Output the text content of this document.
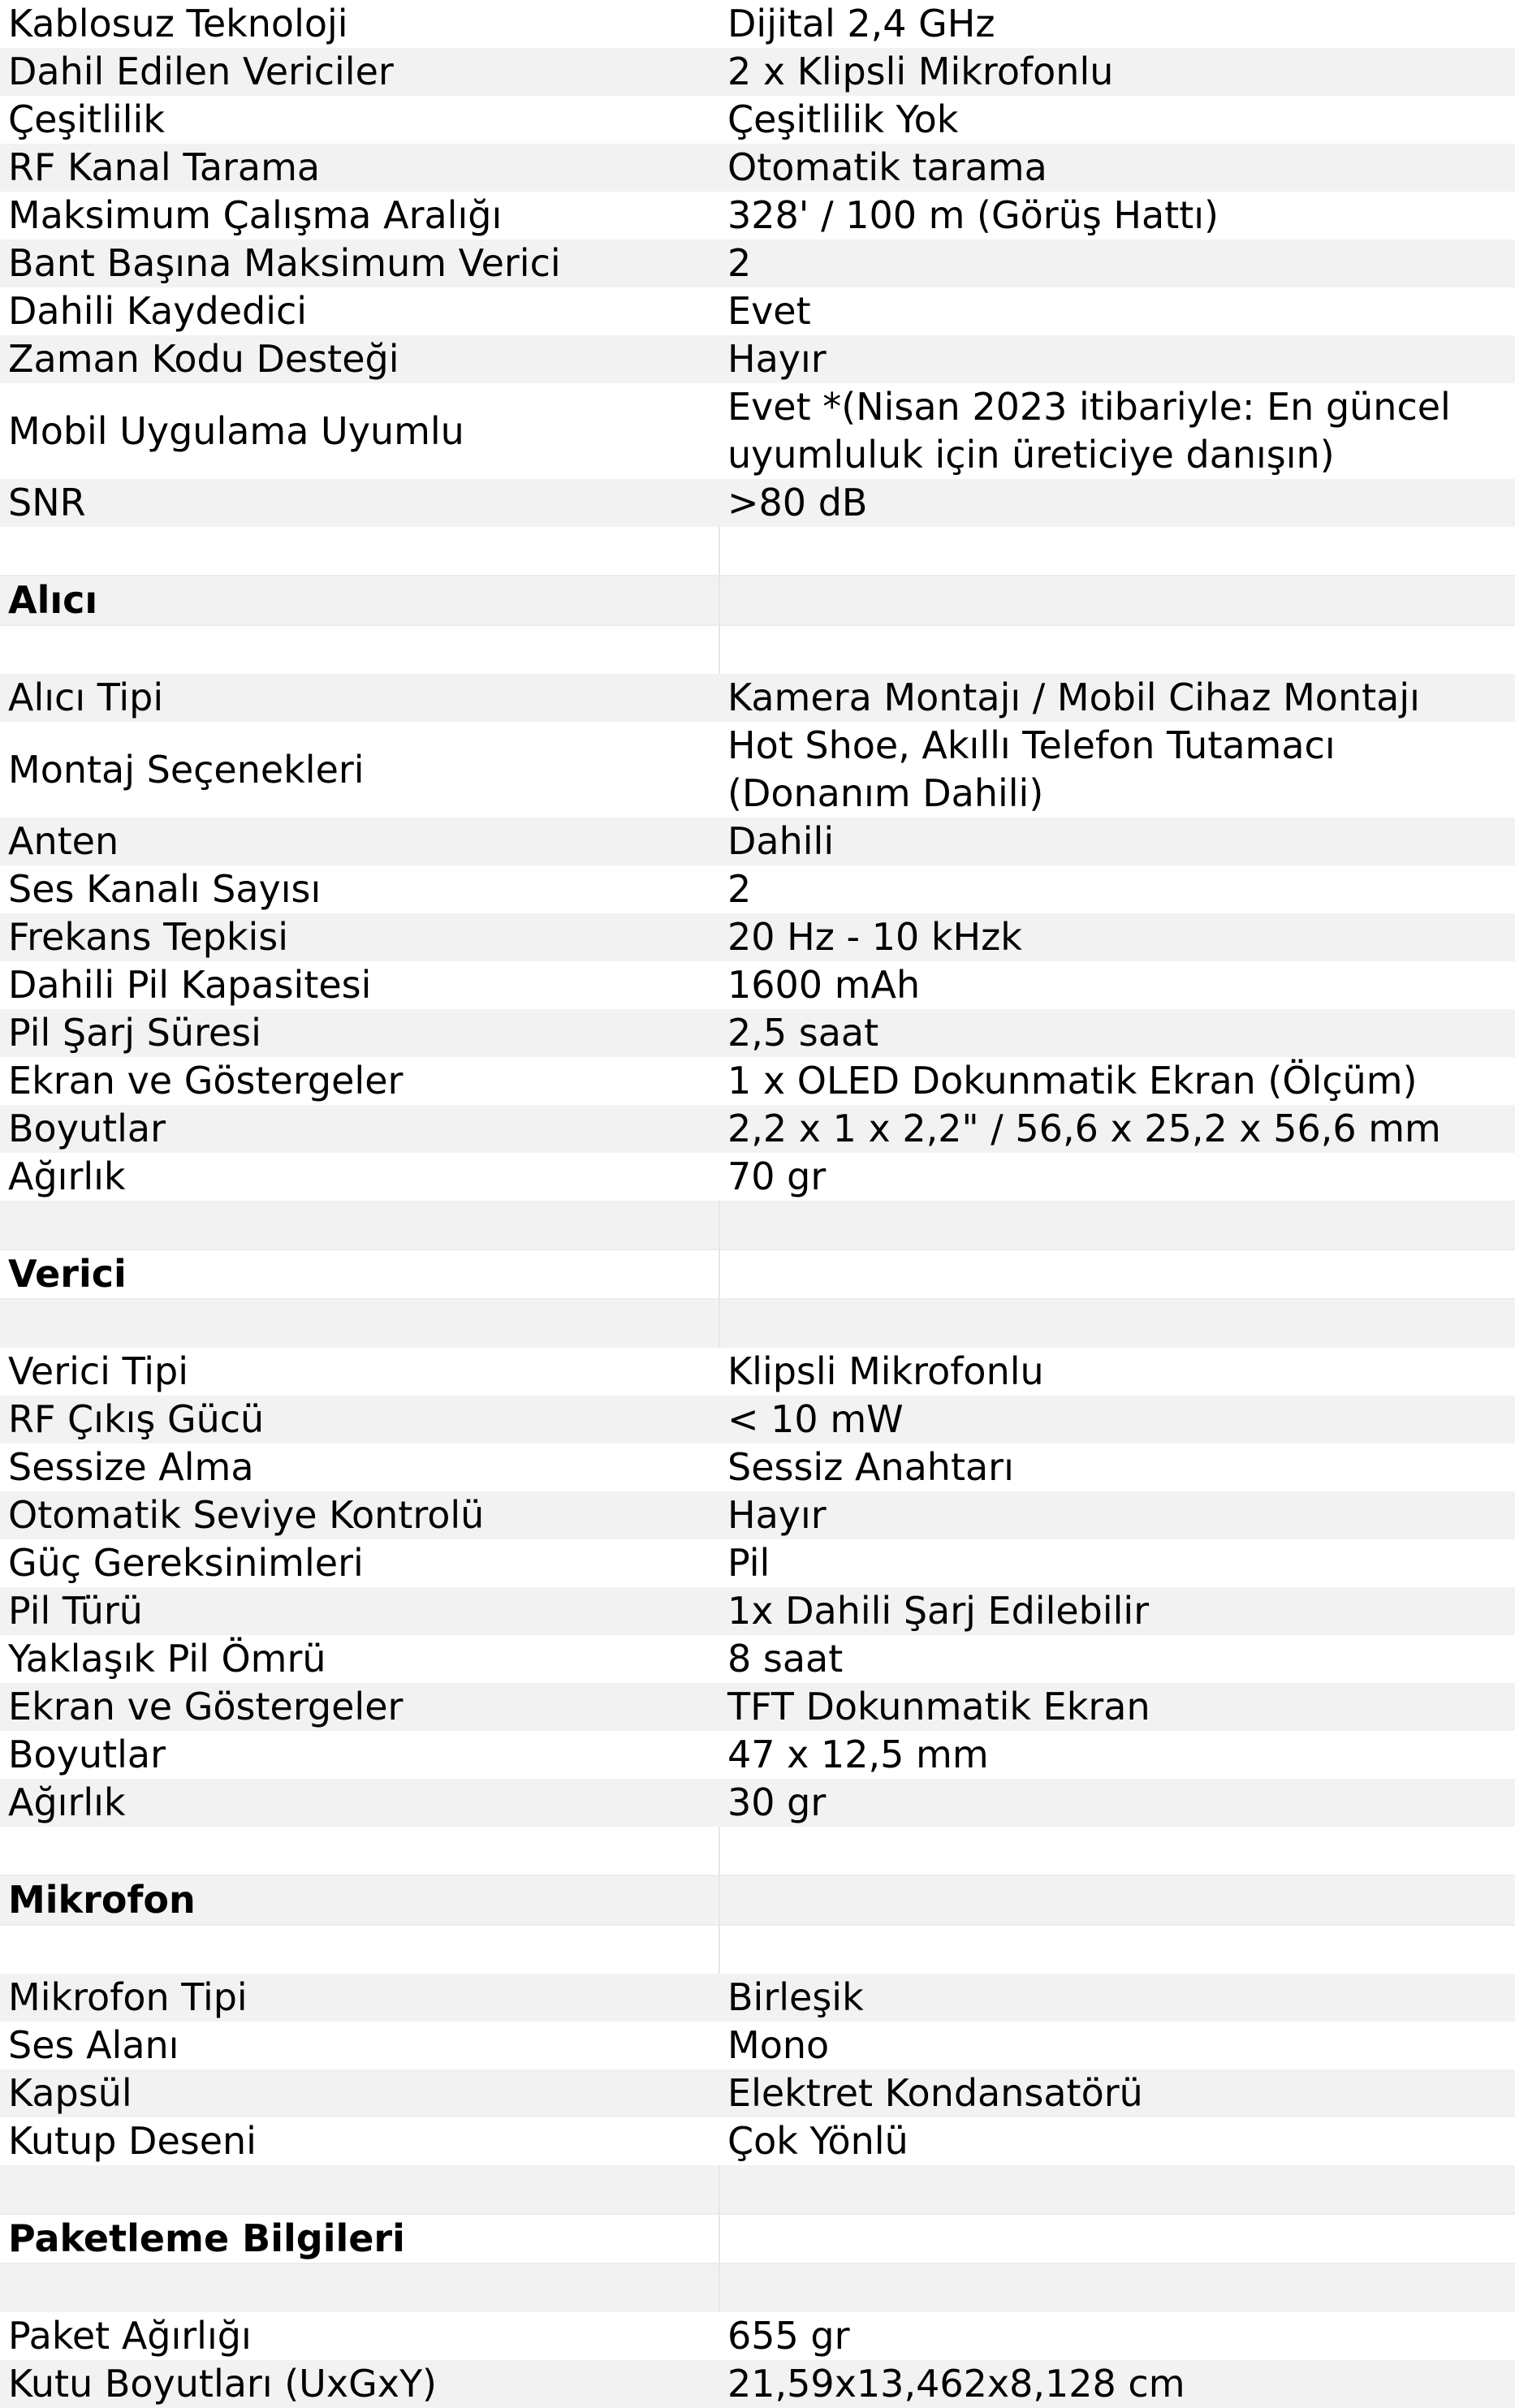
Kablosuz Teknoloji	Dijital 2,4 GHz
Dahil Edilen Vericiler	2 x Klipsli Mikrofonlu
Çeşitlilik	Çeşitlilik Yok
RF Kanal Tarama	Otomatik tarama
Maksimum Çalışma Aralığı	328' / 100 m (Görüş Hattı)
Bant Başına Maksimum Verici	2
Dahili Kaydedici	Evet
Zaman Kodu Desteği	Hayır
Mobil Uygulama Uyumlu	Evet *(Nisan 2023 itibariyle: En güncel uyumluluk için üreticiye danışın)
SNR	>80 dB

Alıcı	

Alıcı Tipi	Kamera Montajı / Mobil Cihaz Montajı
Montaj Seçenekleri	Hot Shoe, Akıllı Telefon Tutamacı (Donanım Dahili)
Anten	Dahili
Ses Kanalı Sayısı	2
Frekans Tepkisi	20 Hz - 10 kHzk
Dahili Pil Kapasitesi	1600 mAh
Pil Şarj Süresi	2,5 saat
Ekran ve Göstergeler	1 x OLED Dokunmatik Ekran (Ölçüm)
Boyutlar	2,2 x 1 x 2,2" / 56,6 x 25,2 x 56,6 mm
Ağırlık	70 gr

Verici	

Verici Tipi	Klipsli Mikrofonlu
RF Çıkış Gücü	< 10 mW
Sessize Alma	Sessiz Anahtarı
Otomatik Seviye Kontrolü	Hayır
Güç Gereksinimleri	Pil
Pil Türü	1x Dahili Şarj Edilebilir
Yaklaşık Pil Ömrü	8 saat
Ekran ve Göstergeler	TFT Dokunmatik Ekran
Boyutlar	47 x 12,5 mm
Ağırlık	30 gr

Mikrofon	

Mikrofon Tipi	Birleşik
Ses Alanı	Mono
Kapsül	Elektret Kondansatörü
Kutup Deseni	Çok Yönlü

Paketleme Bilgileri	

Paket Ağırlığı	655 gr
Kutu Boyutları (UxGxY)	21,59x13,462x8,128 cm
